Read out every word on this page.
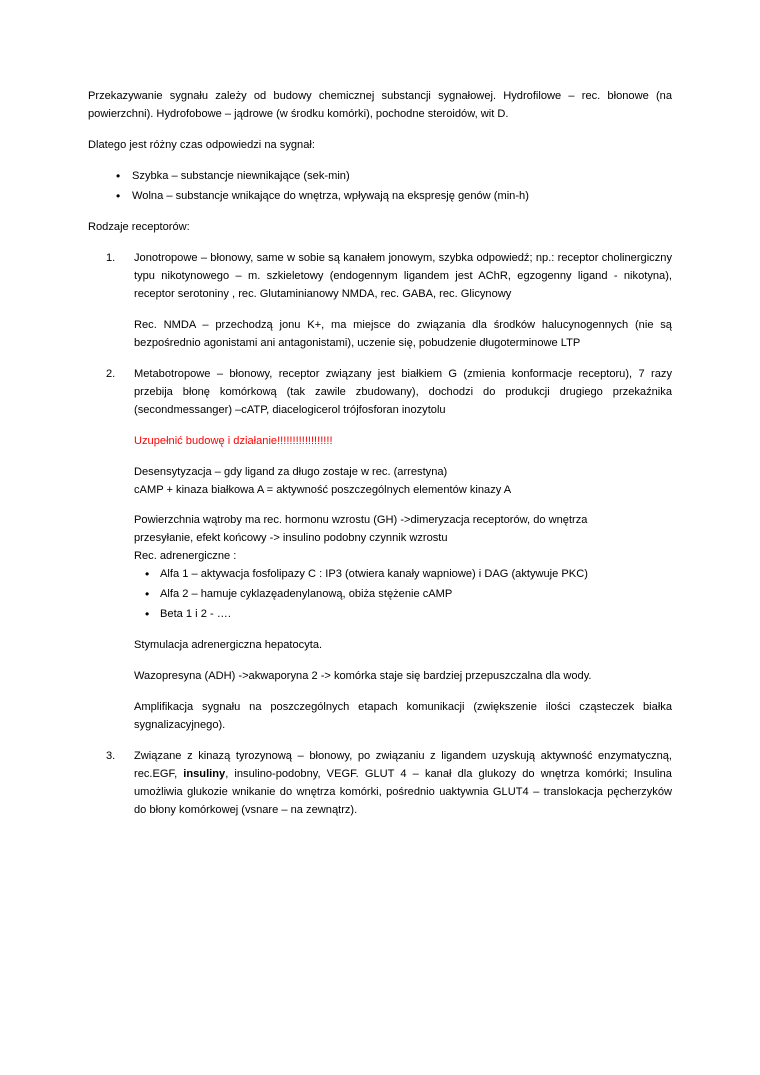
Przekazywanie sygnału zależy od budowy chemicznej substancji sygnałowej. Hydrofilowe – rec. błonowe (na powierzchni). Hydrofobowe – jądrowe (w środku komórki), pochodne steroidów, wit D.

Dlatego jest różny czas odpowiedzi na sygnał:

• Szybka – substancje niewnikające (sek-min)
• Wolna – substancje wnikające do wnętrza, wpływają na ekspresję genów (min-h)

Rodzaje receptorów:

Jonotropowe – błonowy, same w sobie są kanałem jonowym, szybka odpowiedź; np.: receptor cholinergiczny typu nikotynowego – m. szkieletowy (endogennym ligandem jest AChR, egzogenny ligand - nikotyna), receptor serotoniny , rec. Glutaminianowy NMDA, rec. GABA, rec. Glicynowy
Rec. NMDA – przechodzą jonu K+, ma miejsce do związania dla środków halucynogennych (nie są bezpośrednio agonistami ani antagonistami), uczenie się, pobudzenie długoterminowe LTP
Metabotropowe – błonowy, receptor związany jest białkiem G (zmienia konformacje receptoru), 7 razy przebija błonę komórkową (tak zawile zbudowany), dochodzi do produkcji drugiego przekaźnika (secondmessanger) –cATP, diacelogicerol trójfosforan inozytolu

Uzupełnić budowę i działanie!!!!!!!!!!!!!!!!!!

Desensytyzacja – gdy ligand za długo zostaje w rec. (arrestyna)
cAMP + kinaza białkowa A = aktywność poszczególnych elementów kinazy A
Powierzchnia wątroby ma rec. hormonu wzrostu (GH) ->dimeryzacja receptorów, do wnętrza
przesyłanie, efekt końcowy -> insulino podobny czynnik wzrostu
Rec. adrenergiczne :
• Alfa 1 – aktywacja fosfolipazy C : IP3 (otwiera kanały wapniowe) i DAG (aktywuje PKC)
• Alfa 2 – hamuje cyklazęadenylanową, obiża stężenie cAMP
• Beta 1 i 2 - ….

Stymulacja adrenergiczna hepatocyta.

Wazopresyna (ADH) ->akwaporyna 2 -> komórka staje się bardziej przepuszczalna dla wody.

Amplifikacja sygnału na poszczególnych etapach komunikacji (zwiększenie ilości cząsteczek białka sygnalizacyjnego).

Związane z kinazą tyrozynową – błonowy, po związaniu z ligandem uzyskują aktywność enzymatyczną, rec.EGF, insuliny, insulino-podobny, VEGF. GLUT 4 – kanał dla glukozy do wnętrza komórki; Insulina umożliwia glukozie wnikanie do wnętrza komórki, pośrednio uaktywnia GLUT4 – translokacja pęcherzyków do błony komórkowej (vsnare – na zewnątrz).
